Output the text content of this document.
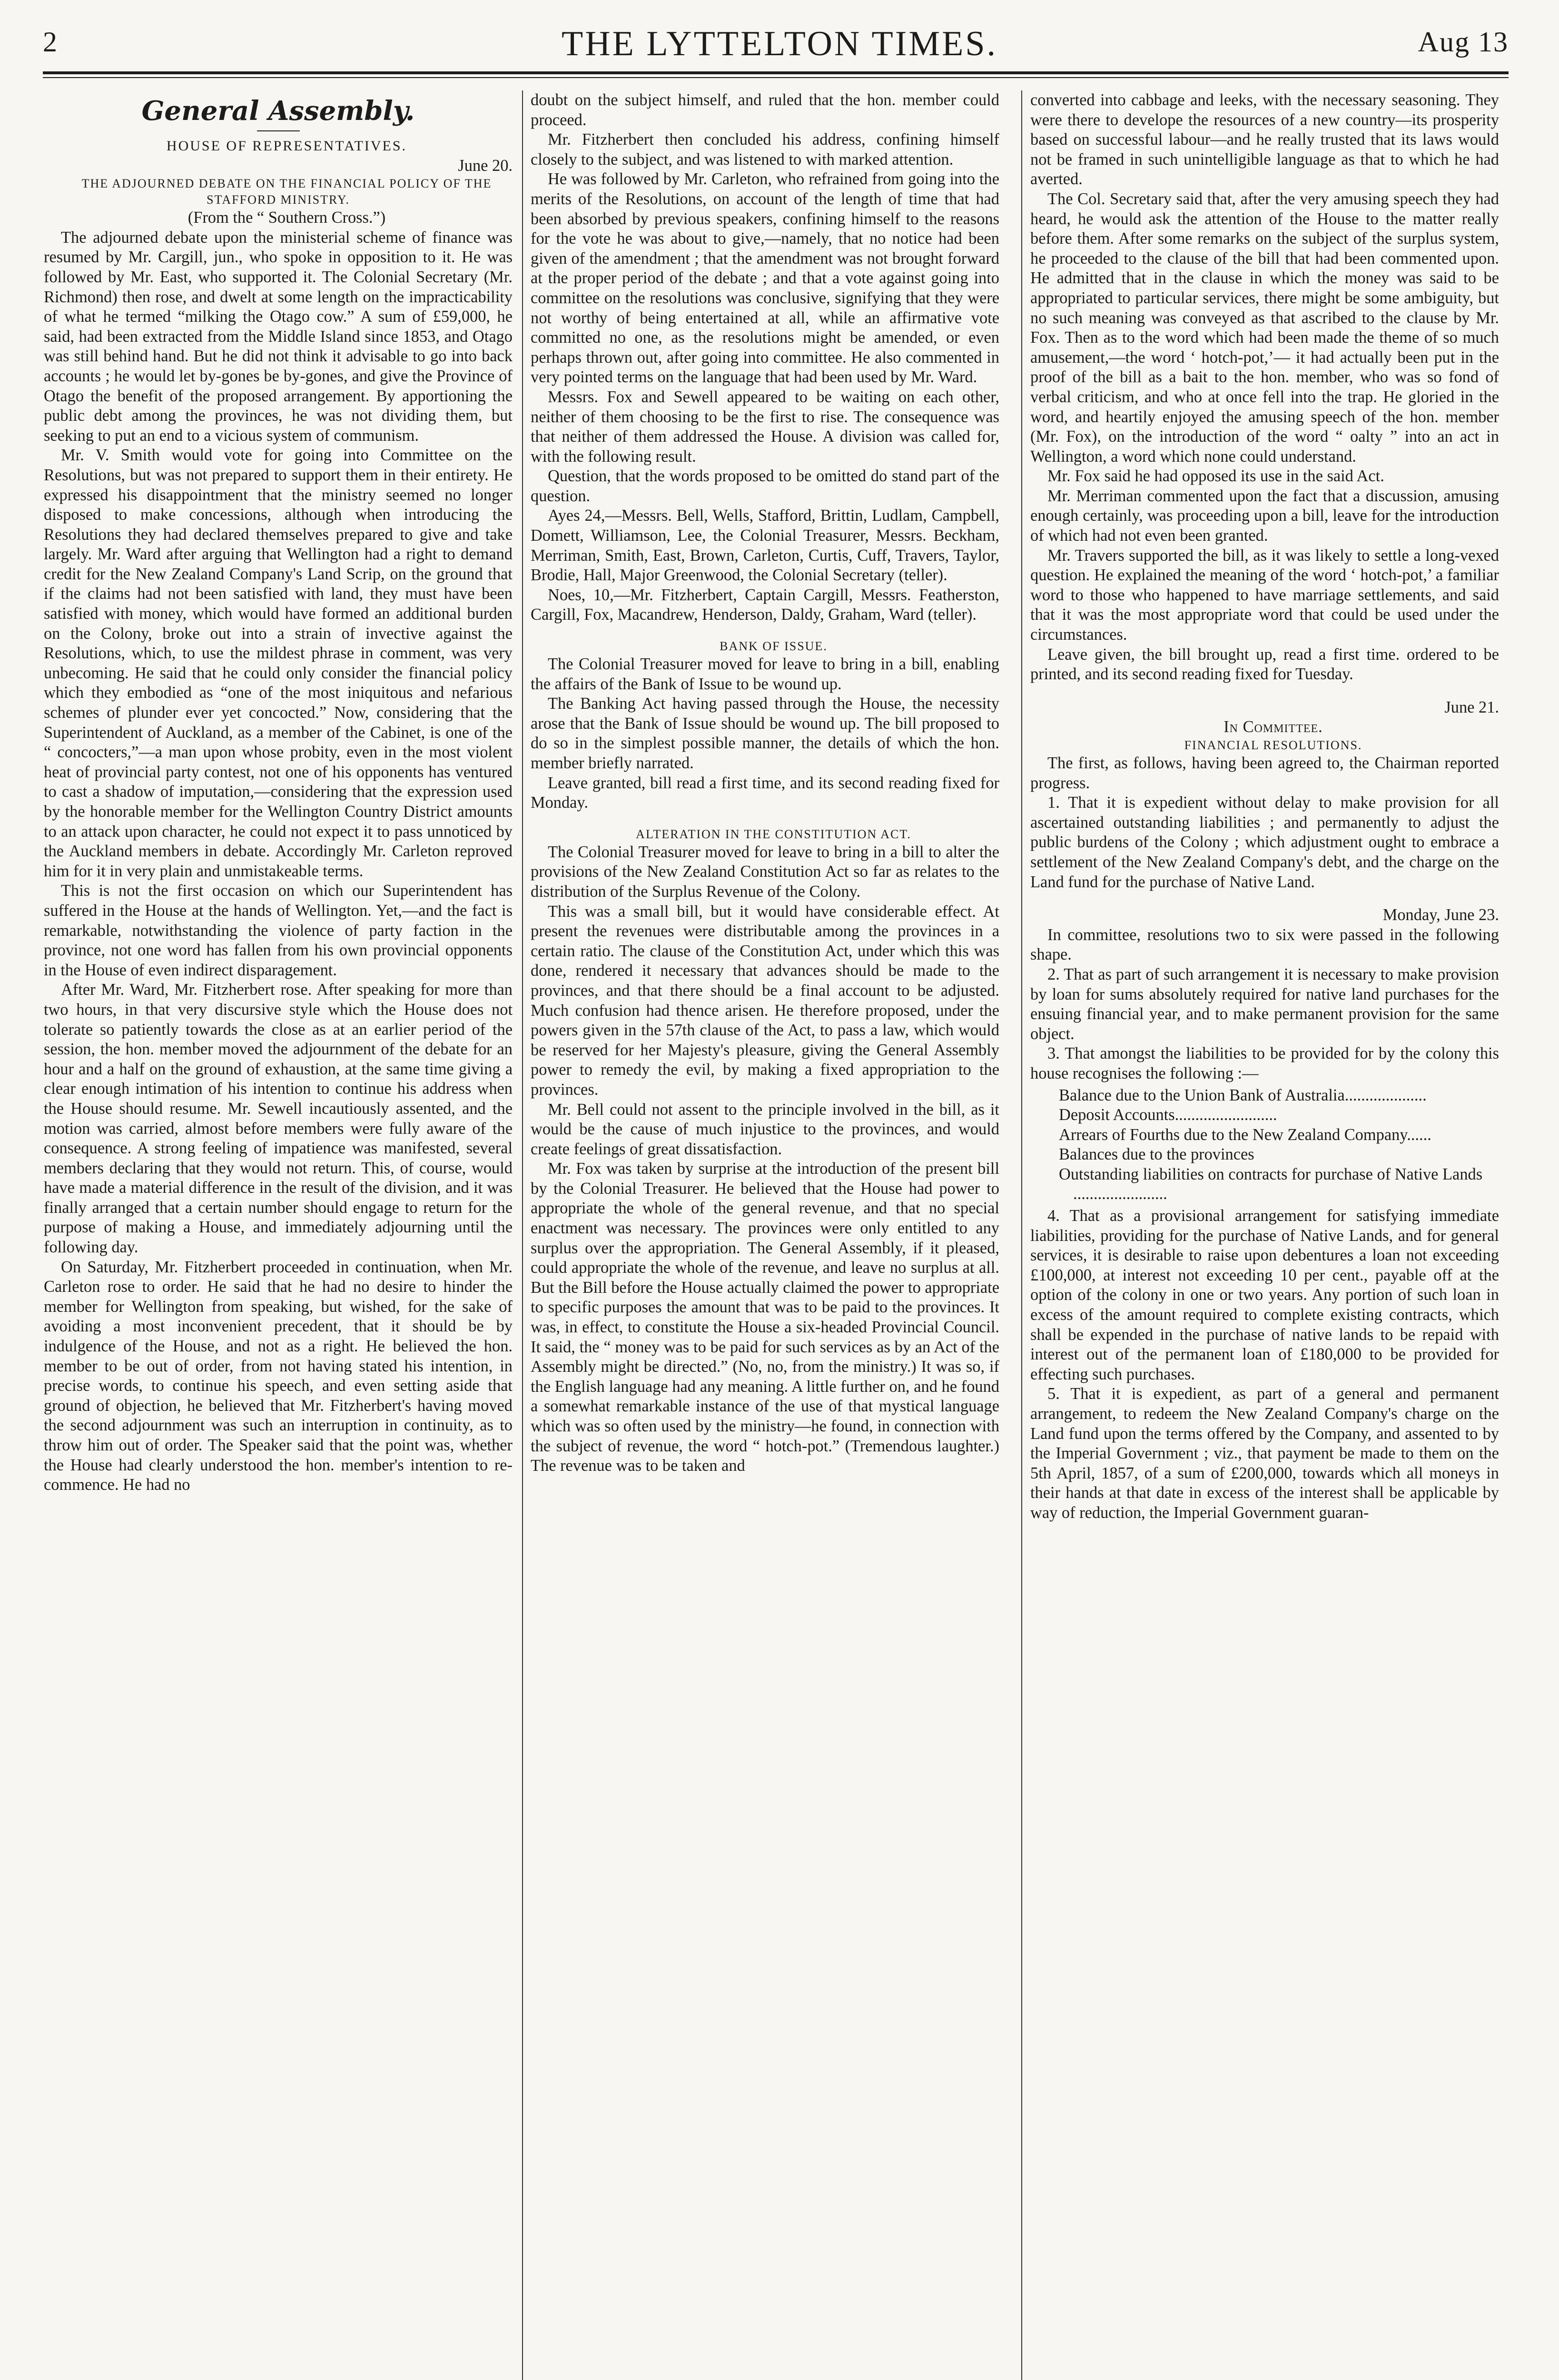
2	THE LYTTELTON TIMES.	Aug 13
General Assembly.

HOUSE OF REPRESENTATIVES.

June 20.

THE ADJOURNED DEBATE ON THE FINANCIAL POLICY OF THE STAFFORD MINISTRY.

(From the “ Southern Cross.”)

The adjourned debate upon the ministerial scheme of finance was resumed by Mr. Cargill, jun., who spoke in opposition to it. He was followed by Mr. East, who supported it. The Colonial Secretary (Mr. Richmond) then rose, and dwelt at some length on the impracticability of what he termed “milking the Otago cow.” A sum of £59,000, he said, had been extracted from the Middle Island since 1853, and Otago was still behind hand. But he did not think it advisable to go into back accounts ; he would let by-gones be by-gones, and give the Province of Otago the benefit of the proposed arrangement. By apportioning the public debt among the provinces, he was not dividing them, but seeking to put an end to a vicious system of communism.

Mr. V. Smith would vote for going into Committee on the Resolutions, but was not prepared to support them in their entirety. He expressed his disappointment that the ministry seemed no longer disposed to make concessions, although when introducing the Resolutions they had declared themselves prepared to give and take largely. Mr. Ward after arguing that Wellington had a right to demand credit for the New Zealand Company's Land Scrip, on the ground that if the claims had not been satisfied with land, they must have been satisfied with money, which would have formed an additional burden on the Colony, broke out into a strain of invective against the Resolutions, which, to use the mildest phrase in comment, was very unbecoming. He said that he could only consider the financial policy which they embodied as “one of the most iniquitous and nefarious schemes of plunder ever yet concocted.” Now, considering that the Superintendent of Auckland, as a member of the Cabinet, is one of the “ concocters,”—a man upon whose probity, even in the most violent heat of provincial party contest, not one of his opponents has ventured to cast a shadow of imputation,—considering that the expression used by the honorable member for the Wellington Country District amounts to an attack upon character, he could not expect it to pass unnoticed by the Auckland members in debate. Accordingly Mr. Carleton reproved him for it in very plain and unmistakeable terms.

This is not the first occasion on which our Superintendent has suffered in the House at the hands of Wellington. Yet,—and the fact is remarkable, notwithstanding the violence of party faction in the province, not one word has fallen from his own provincial opponents in the House of even indirect disparagement.

After Mr. Ward, Mr. Fitzherbert rose. After speaking for more than two hours, in that very discursive style which the House does not tolerate so patiently towards the close as at an earlier period of the session, the hon. member moved the adjournment of the debate for an hour and a half on the ground of exhaustion, at the same time giving a clear enough intimation of his intention to continue his address when the House should resume. Mr. Sewell incautiously assented, and the motion was carried, almost before members were fully aware of the consequence. A strong feeling of impatience was manifested, several members declaring that they would not return. This, of course, would have made a material difference in the result of the division, and it was finally arranged that a certain number should engage to return for the purpose of making a House, and immediately adjourning until the following day.

On Saturday, Mr. Fitzherbert proceeded in continuation, when Mr. Carleton rose to order. He said that he had no desire to hinder the member for Wellington from speaking, but wished, for the sake of avoiding a most inconvenient precedent, that it should be by indulgence of the House, and not as a right. He believed the hon. member to be out of order, from not having stated his intention, in precise words, to continue his speech, and even setting aside that ground of objection, he believed that Mr. Fitzherbert's having moved the second adjournment was such an interruption in continuity, as to throw him out of order. The Speaker said that the point was, whether the House had clearly understood the hon. member's intention to re-commence. He had no

doubt on the subject himself, and ruled that the hon. member could proceed.

Mr. Fitzherbert then concluded his address, confining himself closely to the subject, and was listened to with marked attention.

He was followed by Mr. Carleton, who refrained from going into the merits of the Resolutions, on account of the length of time that had been absorbed by previous speakers, confining himself to the reasons for the vote he was about to give,—namely, that no notice had been given of the amendment ; that the amendment was not brought forward at the proper period of the debate ; and that a vote against going into committee on the resolutions was conclusive, signifying that they were not worthy of being entertained at all, while an affirmative vote committed no one, as the resolutions might be amended, or even perhaps thrown out, after going into committee. He also commented in very pointed terms on the language that had been used by Mr. Ward.

Messrs. Fox and Sewell appeared to be waiting on each other, neither of them choosing to be the first to rise. The consequence was that neither of them addressed the House. A division was called for, with the following result.

Question, that the words proposed to be omitted do stand part of the question.

Ayes 24,—Messrs. Bell, Wells, Stafford, Brittin, Ludlam, Campbell, Domett, Williamson, Lee, the Colonial Treasurer, Messrs. Beckham, Merriman, Smith, East, Brown, Carleton, Curtis, Cuff, Travers, Taylor, Brodie, Hall, Major Greenwood, the Colonial Secretary (teller).

Noes, 10,—Mr. Fitzherbert, Captain Cargill, Messrs. Featherston, Cargill, Fox, Macandrew, Henderson, Daldy, Graham, Ward (teller).

BANK OF ISSUE.

The Colonial Treasurer moved for leave to bring in a bill, enabling the affairs of the Bank of Issue to be wound up.

The Banking Act having passed through the House, the necessity arose that the Bank of Issue should be wound up. The bill proposed to do so in the simplest possible manner, the details of which the hon. member briefly narrated.

Leave granted, bill read a first time, and its second reading fixed for Monday.

ALTERATION IN THE CONSTITUTION ACT.

The Colonial Treasurer moved for leave to bring in a bill to alter the provisions of the New Zealand Constitution Act so far as relates to the distribution of the Surplus Revenue of the Colony.

This was a small bill, but it would have considerable effect. At present the revenues were distributable among the provinces in a certain ratio. The clause of the Constitution Act, under which this was done, rendered it necessary that advances should be made to the provinces, and that there should be a final account to be adjusted. Much confusion had thence arisen. He therefore proposed, under the powers given in the 57th clause of the Act, to pass a law, which would be reserved for her Majesty's pleasure, giving the General Assembly power to remedy the evil, by making a fixed appropriation to the provinces.

Mr. Bell could not assent to the principle involved in the bill, as it would be the cause of much injustice to the provinces, and would create feelings of great dissatisfaction.

Mr. Fox was taken by surprise at the introduction of the present bill by the Colonial Treasurer. He believed that the House had power to appropriate the whole of the general revenue, and that no special enactment was necessary. The provinces were only entitled to any surplus over the appropriation. The General Assembly, if it pleased, could appropriate the whole of the revenue, and leave no surplus at all. But the Bill before the House actually claimed the power to appropriate to specific purposes the amount that was to be paid to the provinces. It was, in effect, to constitute the House a six-headed Provincial Council. It said, the “ money was to be paid for such services as by an Act of the Assembly might be directed.” (No, no, from the ministry.) It was so, if the English language had any meaning. A little further on, and he found a somewhat remarkable instance of the use of that mystical language which was so often used by the ministry—he found, in connection with the subject of revenue, the word “ hotch-pot.” (Tremendous laughter.) The revenue was to be taken and

converted into cabbage and leeks, with the necessary seasoning. They were there to develope the resources of a new country—its prosperity based on successful labour—and he really trusted that its laws would not be framed in such unintelligible language as that to which he had averted.

The Col. Secretary said that, after the very amusing speech they had heard, he would ask the attention of the House to the matter really before them. After some remarks on the subject of the surplus system, he proceeded to the clause of the bill that had been commented upon. He admitted that in the clause in which the money was said to be appropriated to particular services, there might be some ambiguity, but no such meaning was conveyed as that ascribed to the clause by Mr. Fox. Then as to the word which had been made the theme of so much amusement,—the word ‘ hotch-pot,’— it had actually been put in the proof of the bill as a bait to the hon. member, who was so fond of verbal criticism, and who at once fell into the trap. He gloried in the word, and heartily enjoyed the amusing speech of the hon. member (Mr. Fox), on the introduction of the word “ oalty ” into an act in Wellington, a word which none could understand.

Mr. Fox said he had opposed its use in the said Act.

Mr. Merriman commented upon the fact that a discussion, amusing enough certainly, was proceeding upon a bill, leave for the introduction of which had not even been granted.

Mr. Travers supported the bill, as it was likely to settle a long-vexed question. He explained the meaning of the word ‘ hotch-pot,’ a familiar word to those who happened to have marriage settlements, and said that it was the most appropriate word that could be used under the circumstances.

Leave given, the bill brought up, read a first time. ordered to be printed, and its second reading fixed for Tuesday.

June 21.

In Committee.

FINANCIAL RESOLUTIONS.

The first, as follows, having been agreed to, the Chairman reported progress.

1. That it is expedient without delay to make provision for all ascertained outstanding liabilities ; and permanently to adjust the public burdens of the Colony ; which adjustment ought to embrace a settlement of the New Zealand Company's debt, and the charge on the Land fund for the purchase of Native Land.

Monday, June 23.

In committee, resolutions two to six were passed in the following shape.

2. That as part of such arrangement it is necessary to make provision by loan for sums absolutely required for native land purchases for the ensuing financial year, and to make permanent provision for the same object.

3. That amongst the liabilities to be provided for by the colony this house recognises the following :—

Balance due to the Union Bank of Australia....................

Deposit Accounts.........................

Arrears of Fourths due to the New Zealand Company......

Balances due to the provinces

Outstanding liabilities on contracts for purchase of Native Lands .......................

4. That as a provisional arrangement for satisfying immediate liabilities, providing for the purchase of Native Lands, and for general services, it is desirable to raise upon debentures a loan not exceeding £100,000, at interest not exceeding 10 per cent., payable off at the option of the colony in one or two years. Any portion of such loan in excess of the amount required to complete existing contracts, which shall be expended in the purchase of native lands to be repaid with interest out of the permanent loan of £180,000 to be provided for effecting such purchases.

5. That it is expedient, as part of a general and permanent arrangement, to redeem the New Zealand Company's charge on the Land fund upon the terms offered by the Company, and assented to by the Imperial Government ; viz., that payment be made to them on the 5th April, 1857, of a sum of £200,000, towards which all moneys in their hands at that date in excess of the interest shall be applicable by way of reduction, the Imperial Government guaran-
